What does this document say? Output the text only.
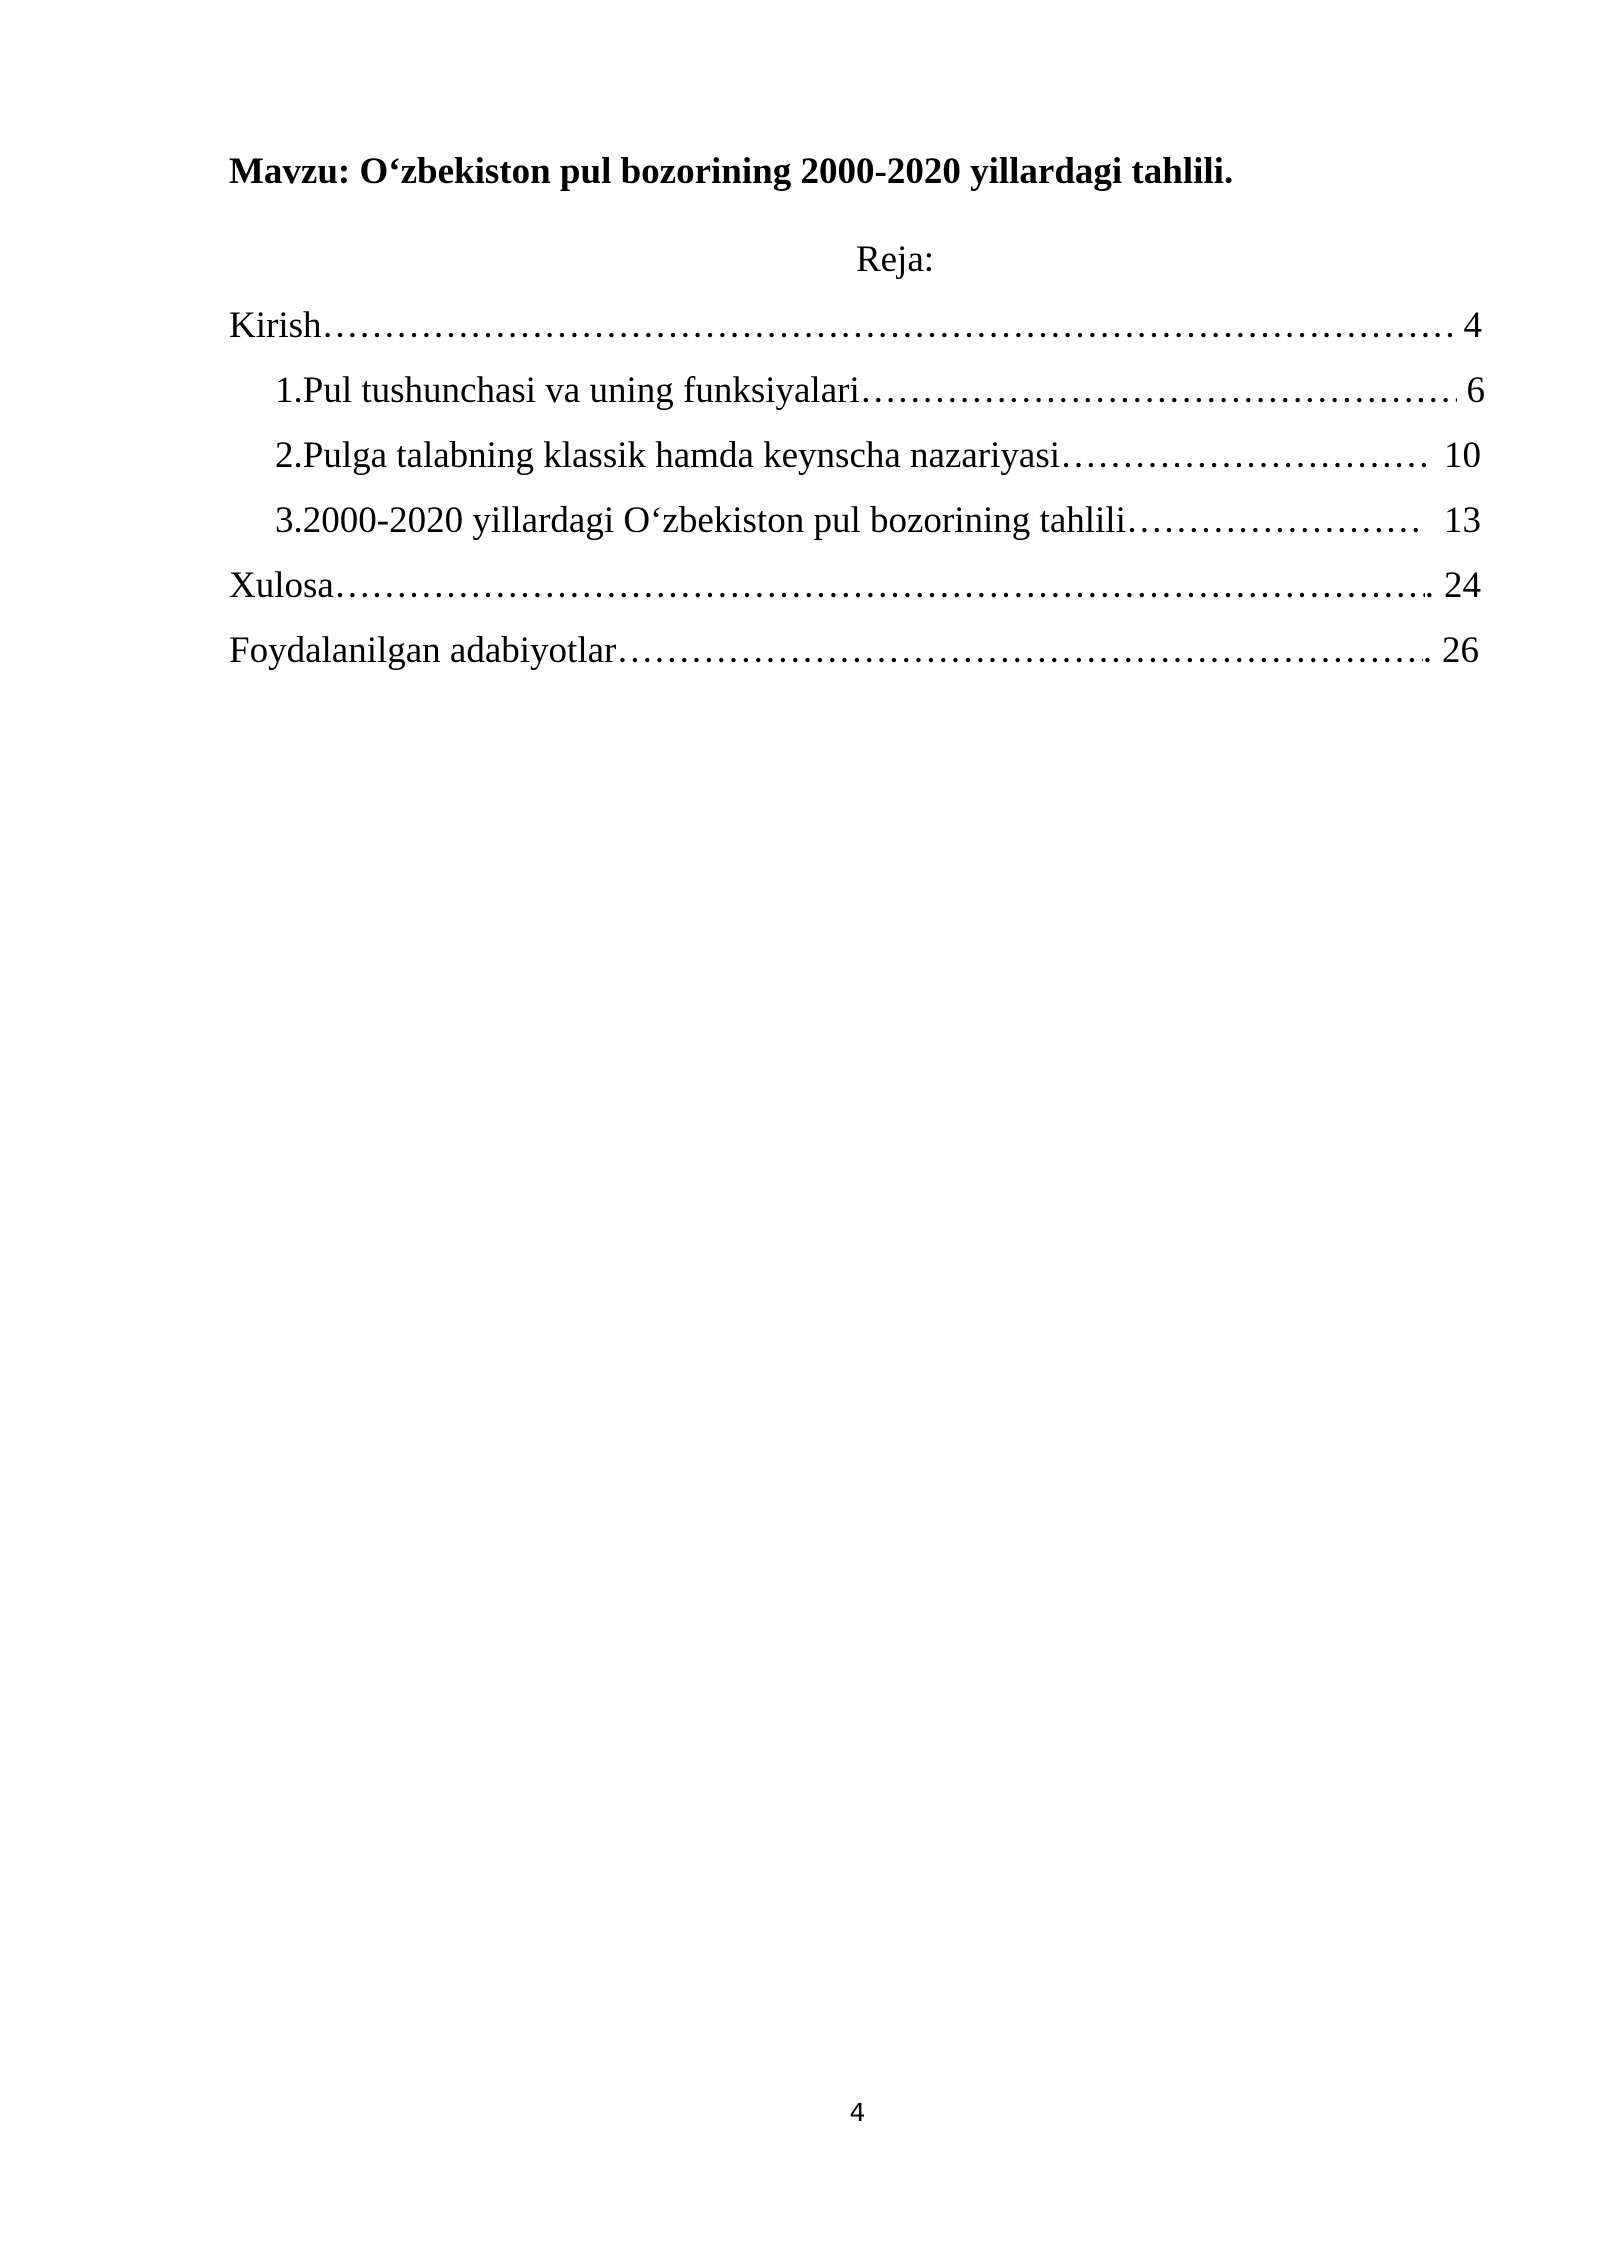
Mavzu: O‘zbekiston pul bozorining 2000-2020 yillardagi tahlili.
Reja:
Kirish ……………………………………………………………………………………………………………………………………………………………………………	4
1. Pul tushunchasi va uning funksiyalari ……………………………………………………………………………………………………………………………………………………………………………	6
2. Pulga talabning klassik hamda keynscha nazariyasi ……………………………………………………………………………………………………………………………………………………………………………	10
3. 2000-2020 yillardagi O‘zbekiston pul bozorining tahlili ……………………………………………………………………………………………………………………………………………………………………………	13
Xulosa ……………………………………………………………………………………………………………………………………………………………………………	. 24
Foydalanilgan adabiyotlar ……………………………………………………………………………………………………………………………………………………………………………	. 26
4
